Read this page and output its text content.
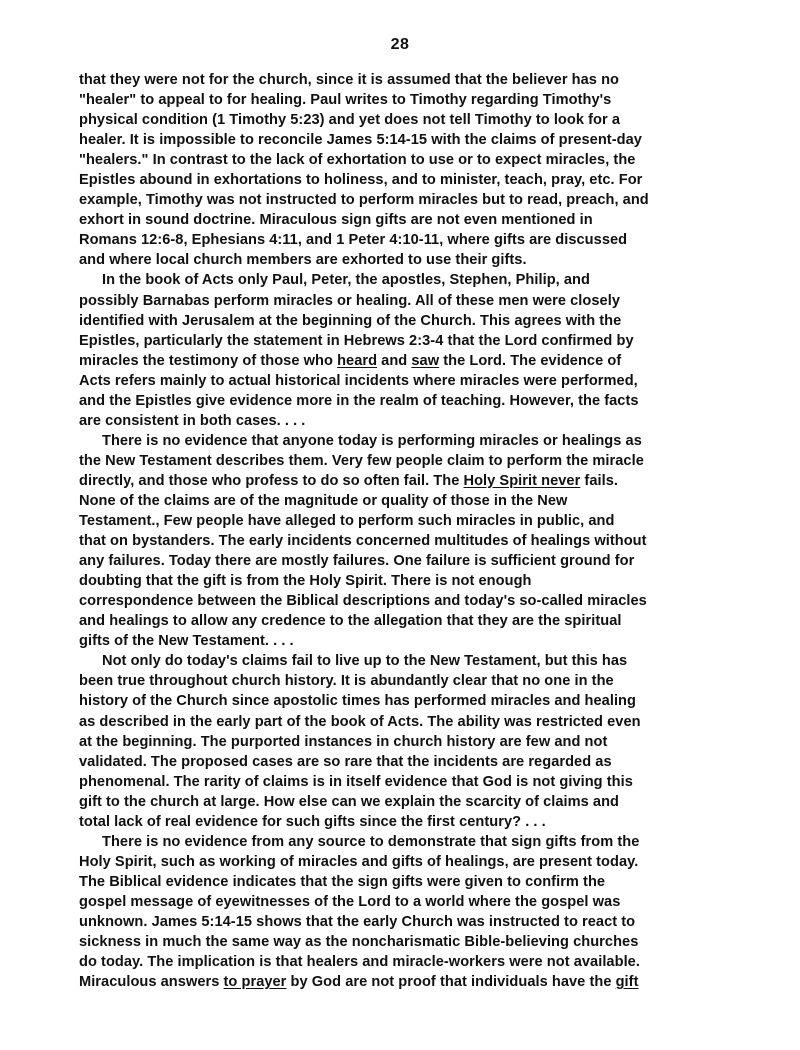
28
that they were not for the church, since it is assumed that the believer has no
"healer" to appeal to for healing. Paul writes to Timothy regarding Timothy's
physical condition (1 Timothy 5:23) and yet does not tell Timothy to look for a
healer. It is impossible to reconcile James 5:14-15 with the claims of present-day
"healers." In contrast to the lack of exhortation to use or to expect miracles, the
Epistles abound in exhortations to holiness, and to minister, teach, pray, etc. For
example, Timothy was not instructed to perform miracles but to read, preach, and
exhort in sound doctrine. Miraculous sign gifts are not even mentioned in
Romans 12:6-8, Ephesians 4:11, and 1 Peter 4:10-11, where gifts are discussed
and where local church members are exhorted to use their gifts.
In the book of Acts only Paul, Peter, the apostles, Stephen, Philip, and
possibly Barnabas perform miracles or healing. All of these men were closely
identified with Jerusalem at the beginning of the Church. This agrees with the
Epistles, particularly the statement in Hebrews 2:3-4 that the Lord confirmed by
miracles the testimony of those who heard and saw the Lord. The evidence of
Acts refers mainly to actual historical incidents where miracles were performed,
and the Epistles give evidence more in the realm of teaching. However, the facts
are consistent in both cases. . . .
There is no evidence that anyone today is performing miracles or healings as
the New Testament describes them. Very few people claim to perform the miracle
directly, and those who profess to do so often fail. The Holy Spirit never fails.
None of the claims are of the magnitude or quality of those in the New
Testament., Few people have alleged to perform such miracles in public, and
that on bystanders. The early incidents concerned multitudes of healings without
any failures. Today there are mostly failures. One failure is sufficient ground for
doubting that the gift is from the Holy Spirit. There is not enough
correspondence between the Biblical descriptions and today's so-called miracles
and healings to allow any credence to the allegation that they are the spiritual
gifts of the New Testament. . . .
Not only do today's claims fail to live up to the New Testament, but this has
been true throughout church history. It is abundantly clear that no one in the
history of the Church since apostolic times has performed miracles and healing
as described in the early part of the book of Acts. The ability was restricted even
at the beginning. The purported instances in church history are few and not
validated. The proposed cases are so rare that the incidents are regarded as
phenomenal. The rarity of claims is in itself evidence that God is not giving this
gift to the church at large. How else can we explain the scarcity of claims and
total lack of real evidence for such gifts since the first century? . . .
There is no evidence from any source to demonstrate that sign gifts from the
Holy Spirit, such as working of miracles and gifts of healings, are present today.
The Biblical evidence indicates that the sign gifts were given to confirm the
gospel message of eyewitnesses of the Lord to a world where the gospel was
unknown. James 5:14-15 shows that the early Church was instructed to react to
sickness in much the same way as the noncharismatic Bible-believing churches
do today. The implication is that healers and miracle-workers were not available.
Miraculous answers to prayer by God are not proof that individuals have the gift
